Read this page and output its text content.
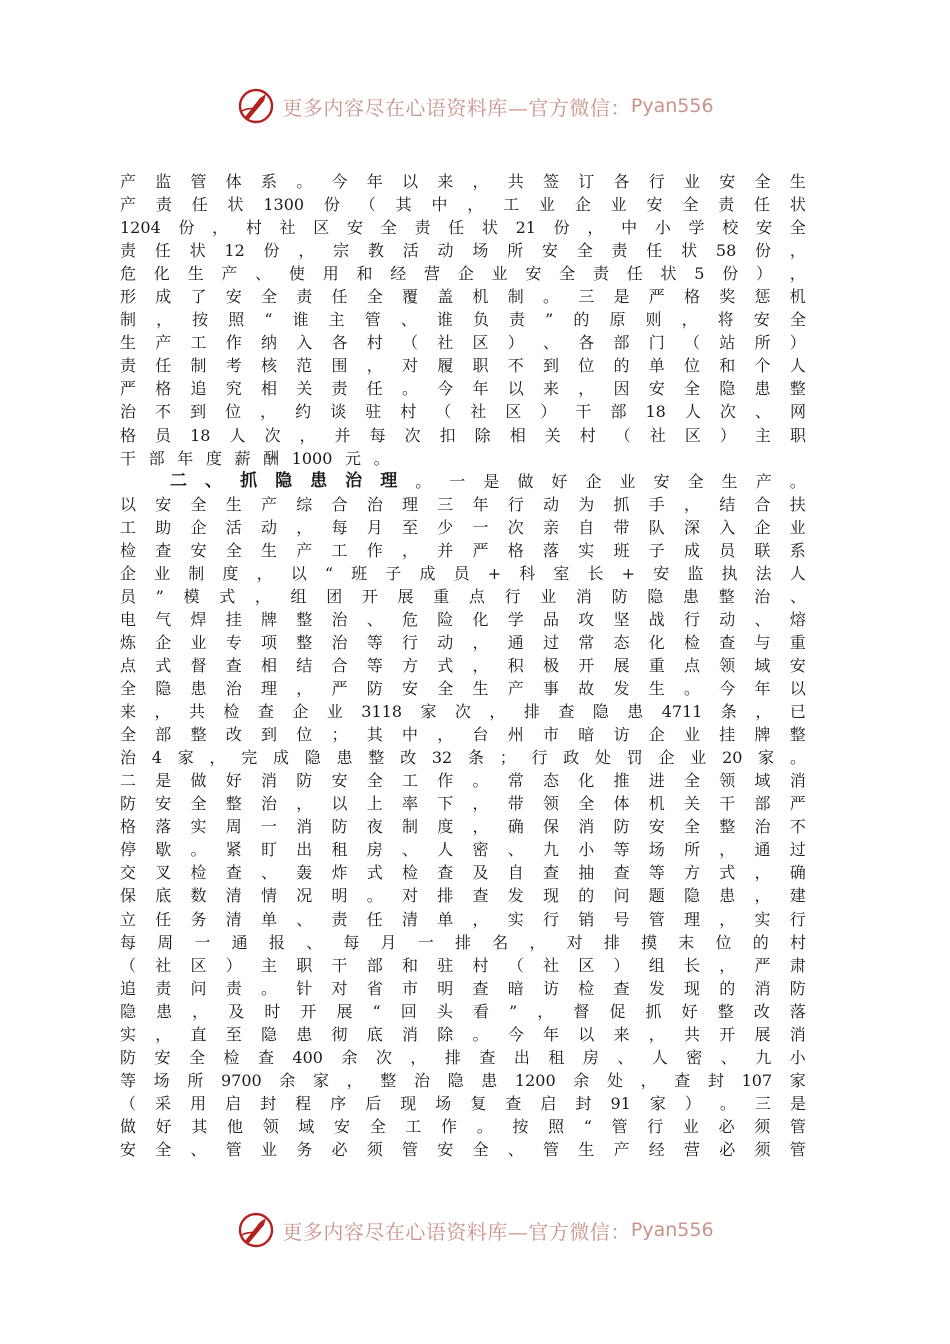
更多内容尽在心语资料库—官方微信： Pyan556
产 监 管 体 系 。 今 年 以 来 ， 共 签 订 各 行 业 安 全 生
产 责 任 状 1300 份 （ 其 中 ， 工 业 企 业 安 全 责 任 状
1204 份 ， 村 社 区 安 全 责 任 状 21 份 ， 中 小 学 校 安 全
责 任 状 12 份 ， 宗 教 活 动 场 所 安 全 责 任 状 58 份 ，
危 化 生 产 、 使 用 和 经 营 企 业 安 全 责 任 状 5 份 ） ，
形 成 了 安 全 责 任 全 覆 盖 机 制 。 三 是 严 格 奖 惩 机
制 ， 按 照 “ 谁 主 管 、 谁 负 责 ” 的 原 则 ， 将 安 全
生 产 工 作 纳 入 各 村 （ 社 区 ） 、 各 部 门 （ 站 所 ）
责 任 制 考 核 范 围 ， 对 履 职 不 到 位 的 单 位 和 个 人
严 格 追 究 相 关 责 任 。 今 年 以 来 ， 因 安 全 隐 患 整
治 不 到 位 ， 约 谈 驻 村 （ 社 区 ） 干 部 18 人 次 、 网
格 员 18 人 次 ， 并 每 次 扣 除 相 关 村 （ 社 区 ） 主 职
干 部 年 度 薪 酬 1000 元 。
二 、 抓 隐 患 治 理 。 一 是 做 好 企 业 安 全 生 产 。
以 安 全 生 产 综 合 治 理 三 年 行 动 为 抓 手 ， 结 合 扶
工 助 企 活 动 ， 每 月 至 少 一 次 亲 自 带 队 深 入 企 业
检 查 安 全 生 产 工 作 ， 并 严 格 落 实 班 子 成 员 联 系
企 业 制 度 ， 以 “ 班 子 成 员 + 科 室 长 + 安 监 执 法 人
员 ” 模 式 ， 组 团 开 展 重 点 行 业 消 防 隐 患 整 治 、
电 气 焊 挂 牌 整 治 、 危 险 化 学 品 攻 坚 战 行 动 、 熔
炼 企 业 专 项 整 治 等 行 动 ， 通 过 常 态 化 检 查 与 重
点 式 督 查 相 结 合 等 方 式 ， 积 极 开 展 重 点 领 域 安
全 隐 患 治 理 ， 严 防 安 全 生 产 事 故 发 生 。 今 年 以
来 ， 共 检 查 企 业 3118 家 次 ， 排 查 隐 患 4711 条 ， 已
全 部 整 改 到 位 ； 其 中 ， 台 州 市 暗 访 企 业 挂 牌 整
治 4 家 ， 完 成 隐 患 整 改 32 条 ； 行 政 处 罚 企 业 20 家 。
二 是 做 好 消 防 安 全 工 作 。 常 态 化 推 进 全 领 域 消
防 安 全 整 治 ， 以 上 率 下 ， 带 领 全 体 机 关 干 部 严
格 落 实 周 一 消 防 夜 制 度 ， 确 保 消 防 安 全 整 治 不
停 歇 。 紧 盯 出 租 房 、 人 密 、 九 小 等 场 所 ， 通 过
交 叉 检 查 、 轰 炸 式 检 查 及 自 查 抽 查 等 方 式 ， 确
保 底 数 清 情 况 明 。 对 排 查 发 现 的 问 题 隐 患 ， 建
立 任 务 清 单 、 责 任 清 单 ， 实 行 销 号 管 理 ， 实 行
每 周 一 通 报 、 每 月 一 排 名 ， 对 排 摸 末 位 的 村
（ 社 区 ） 主 职 干 部 和 驻 村 （ 社 区 ） 组 长 ， 严 肃
追 责 问 责 。 针 对 省 市 明 查 暗 访 检 查 发 现 的 消 防
隐 患 ， 及 时 开 展 “ 回 头 看 ” ， 督 促 抓 好 整 改 落
实 ， 直 至 隐 患 彻 底 消 除 。 今 年 以 来 ， 共 开 展 消
防 安 全 检 查 400 余 次 ， 排 查 出 租 房 、 人 密 、 九 小
等 场 所 9700 余 家 ， 整 治 隐 患 1200 余 处 ， 查 封 107 家
（ 采 用 启 封 程 序 后 现 场 复 查 启 封 91 家 ） 。 三 是
做 好 其 他 领 域 安 全 工 作 。 按 照 “ 管 行 业 必 须 管
安 全 、 管 业 务 必 须 管 安 全 、 管 生 产 经 营 必 须 管
更多内容尽在心语资料库—官方微信： Pyan556
